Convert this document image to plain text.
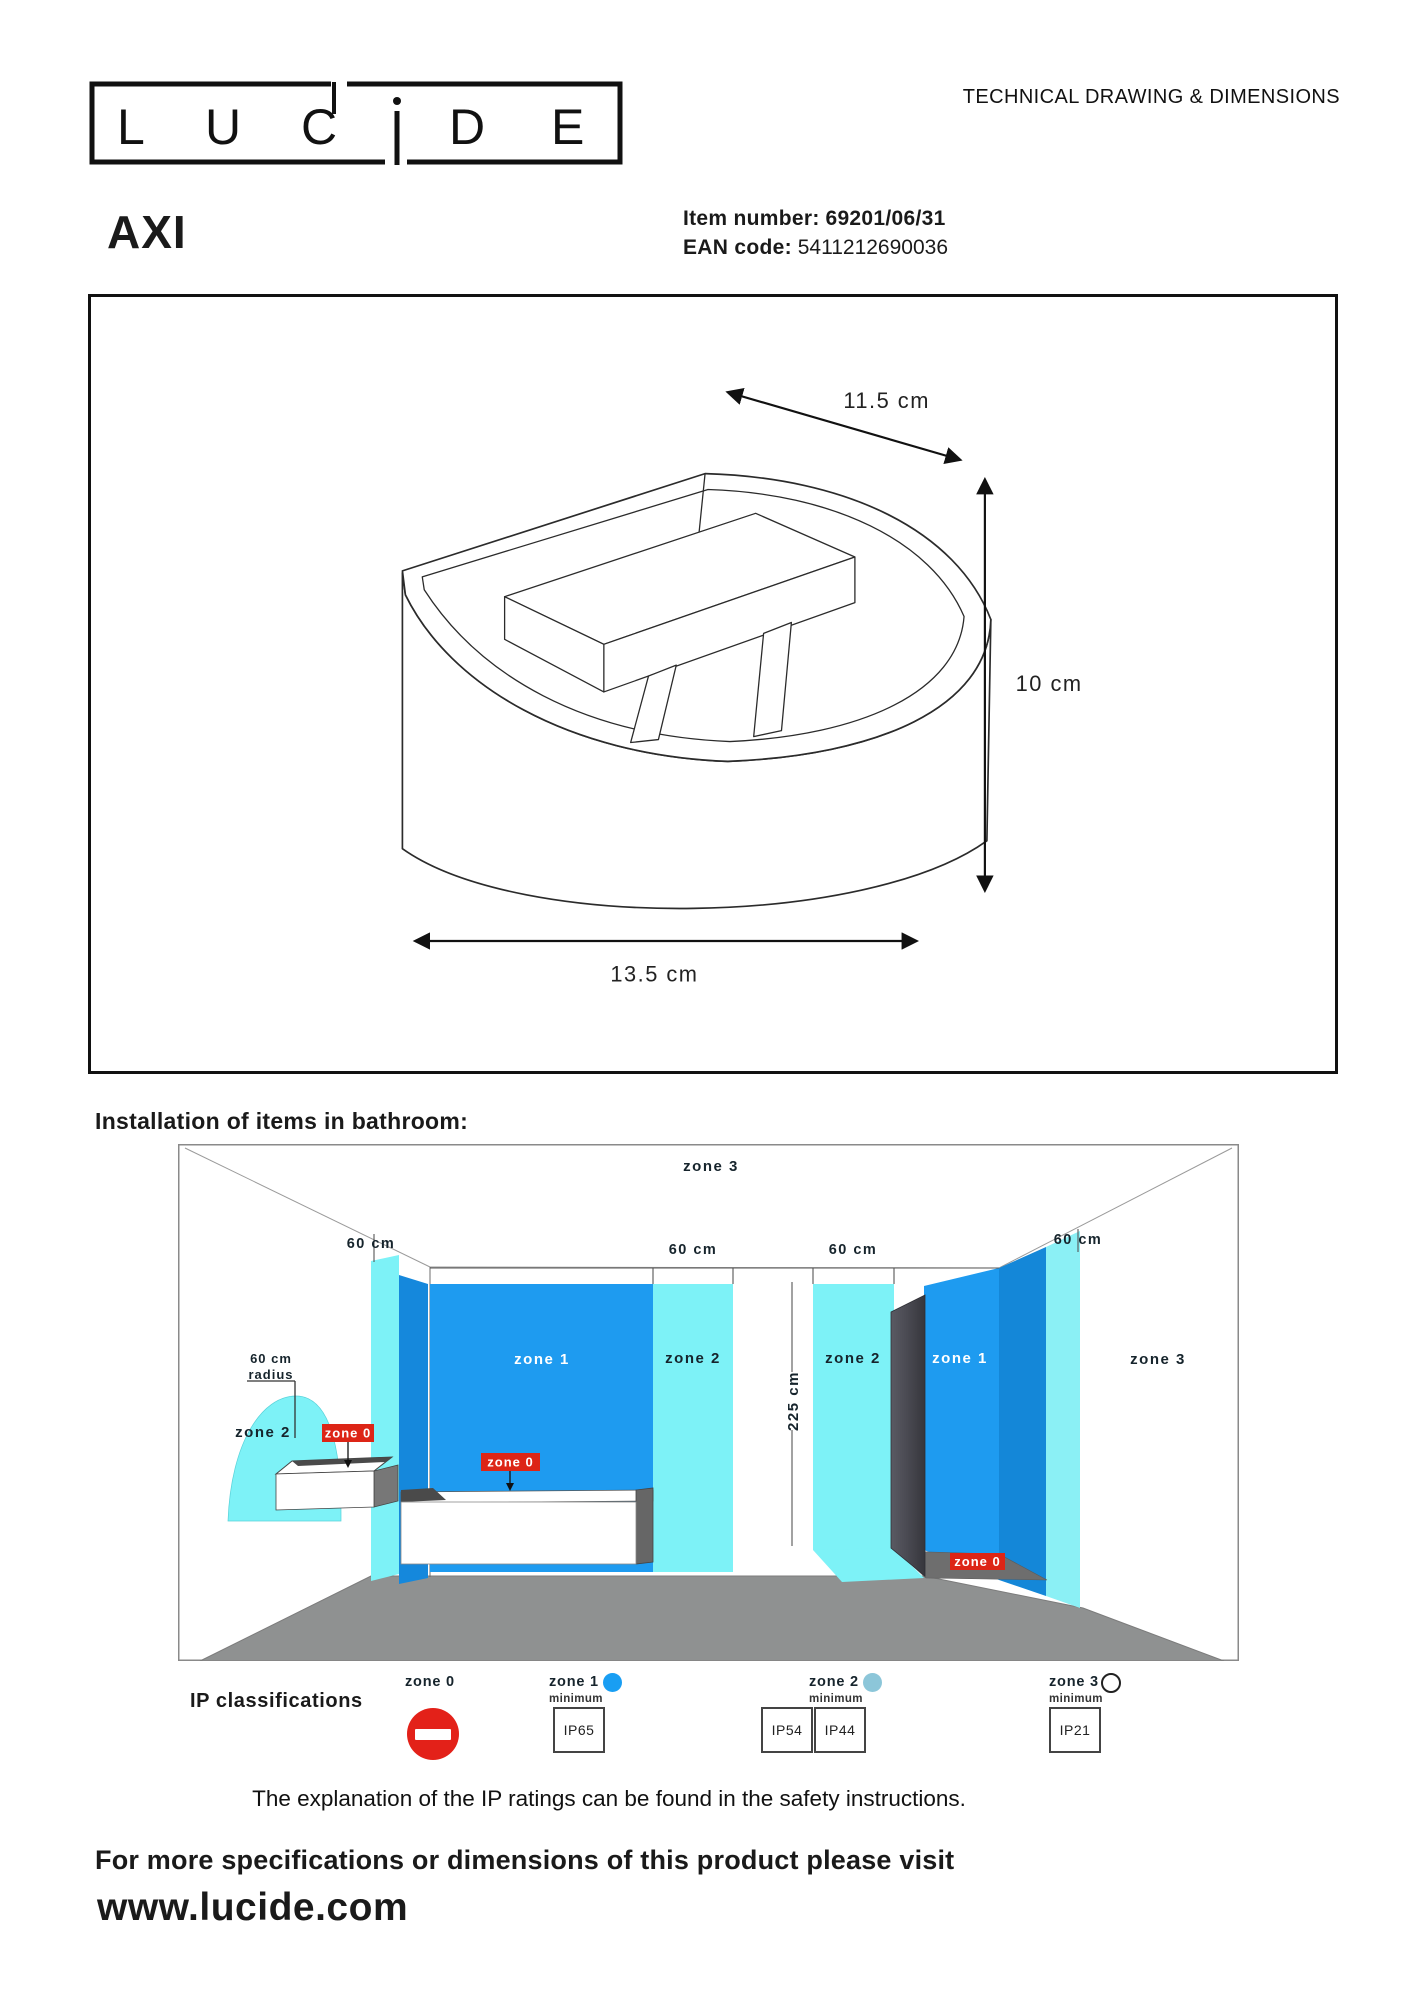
L U C D E
TECHNICAL DRAWING & DIMENSIONS
AXI	Item number: 69201/06/31
EAN code: 5411212690036
11.5 cm
10 cm
13.5 cm
Installation of items in bathroom:
zone 3
60 cm	60 cm	60 cm
60 cm
225 cm
zone 1	zone 2	zone 2	zone 1	zone 3
zone 2
60 cm
radius
zone 0
zone 0
zone 0
IP classifications
zone 0	zone 1
minimum
IP65
zone 2
minimum
IP54 IP44
zone 3
minimum
IP21
The explanation of the IP ratings can be found in the safety instructions.
For more specifications or dimensions of this product please visit
www.lucide.com
